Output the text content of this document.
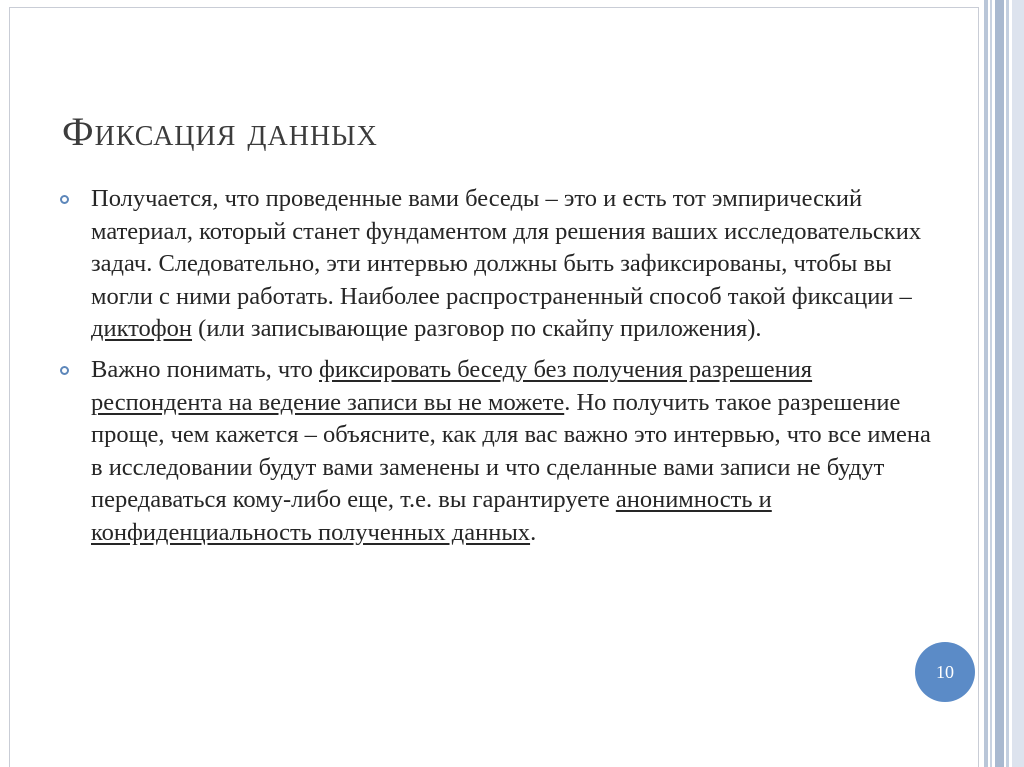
Фиксация данных
Получается, что проведенные вами беседы – это и есть тот эмпирический материал, который станет фундаментом для решения ваших исследовательских задач. Следовательно, эти интервью должны быть зафиксированы, чтобы вы могли с ними работать. Наиболее распространенный способ такой фиксации – диктофон (или записывающие разговор по скайпу приложения).
Важно понимать, что фиксировать беседу без получения разрешения респондента на ведение записи вы не можете. Но получить такое разрешение проще, чем кажется – объясните, как для вас важно это интервью, что все имена в исследовании будут вами заменены и что сделанные вами записи не будут передаваться кому-либо еще, т.е. вы гарантируете анонимность и конфиденциальность полученных данных.
10
